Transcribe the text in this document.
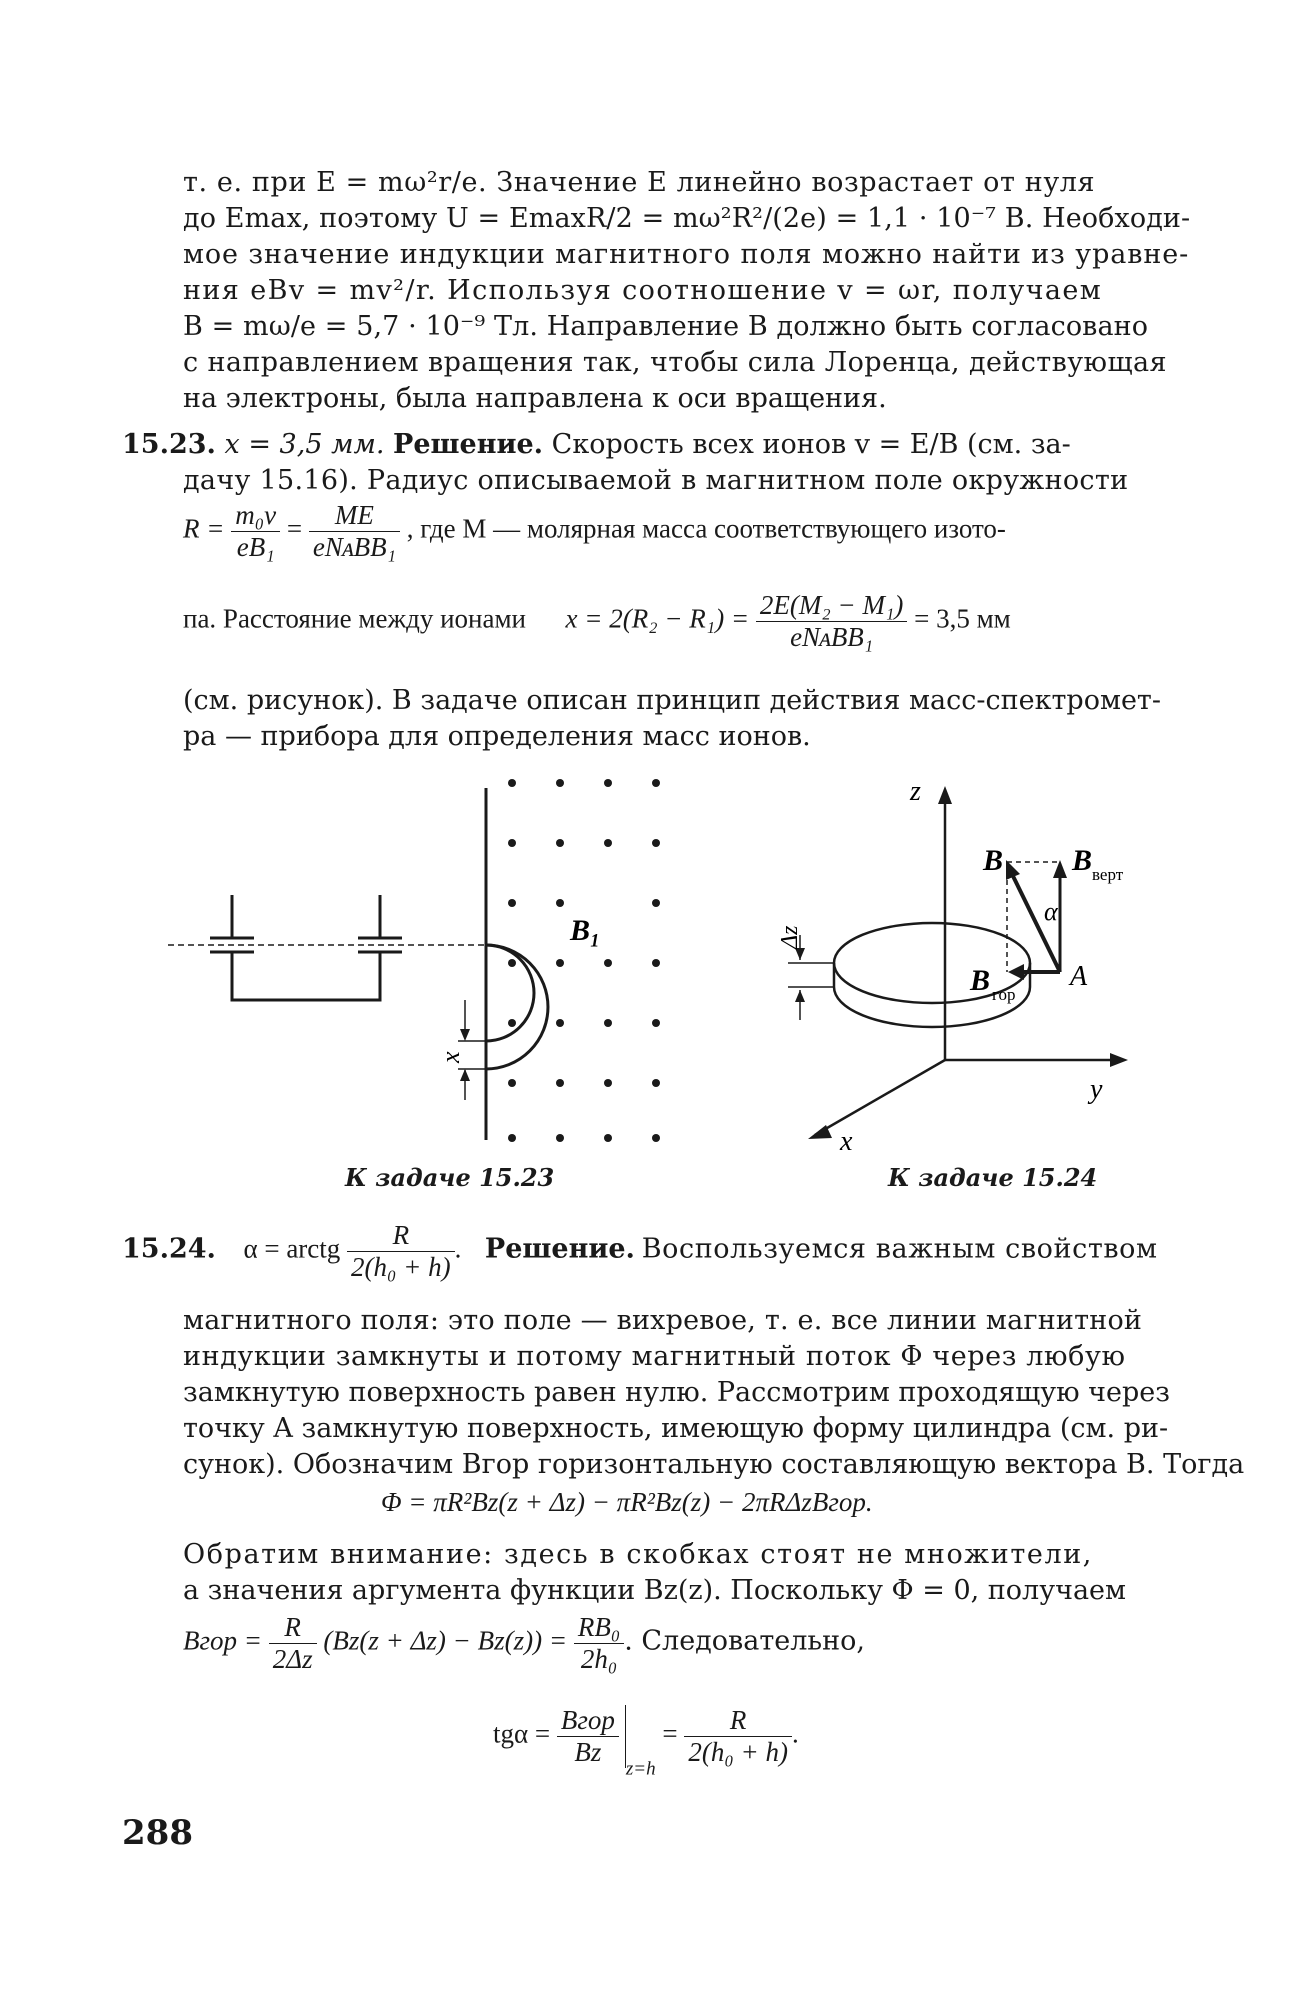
т. е. при E = mω²r/e. Значение E линейно возрастает от нуля
до Emax, поэтому U = EmaxR/2 = mω²R²/(2e) = 1,1 · 10⁻⁷ В. Необходи-
мое значение индукции магнитного поля можно найти из уравне-
ния eBv = mv²/r. Используя соотношение v = ωr, получаем
B = mω/e = 5,7 · 10⁻⁹ Тл. Направление B должно быть согласовано
с направлением вращения так, чтобы сила Лоренца, действующая
на электроны, была направлена к оси вращения.
15.23. x = 3,5 мм. Решение. Скорость всех ионов v = E/B (см. за-
дачу 15.16). Радиус описываемой в магнитном поле окружности
$R = \frac{\text{m₀v}}{\text{eB₁}} = \frac{ME}{\text{eNᴀBB₁}}$ , где M — молярная масса соответствующего изото-
па. Расстояние между ионами $x = 2(R_2 - R_1) = \frac{\text{2E(M₂ − M₁)}}{\text{eNᴀBB₁}} = 3,5$ мм
(см. рисунок). В задаче описан принцип действия масс-спектромет-
ра — прибора для определения масс ионов.
B₁
x
К задаче 15.23
z
y
x
B B верт
α
B гор
A
Δz
К задаче 15.24
15.24. α = arctg $\frac{R}{\text{2(h₀ + h)}}$ . Решение. Воспользуемся важным свойством
магнитного поля: это поле — вихревое, т. е. все линии магнитной
индукции замкнуты и потому магнитный поток Φ через любую
замкнутую поверхность равен нулю. Рассмотрим проходящую через
точку A замкнутую поверхность, имеющую форму цилиндра (см. ри-
сунок). Обозначим Bгор горизонтальную составляющую вектора B. Тогда
Φ = πR²Bz(z + Δz) − πR²Bz(z) − 2πRΔzBгор.
Обратим внимание: здесь в скобках стоят не множители,
а значения аргумента функции Bz(z). Поскольку Φ = 0, получаем
Bгор = $\frac{R}{2\Delta z} (Bz(z + \Delta z) - Bz(z)) = \frac{\text{RB₀}}{\text{2h₀}}$ . Следовательно,
$tg\alpha = \frac{\text{Bгор}}{Bz}$
$_{z=h} = \frac{R}{\text{2(h₀ + h)}}$ .
288
